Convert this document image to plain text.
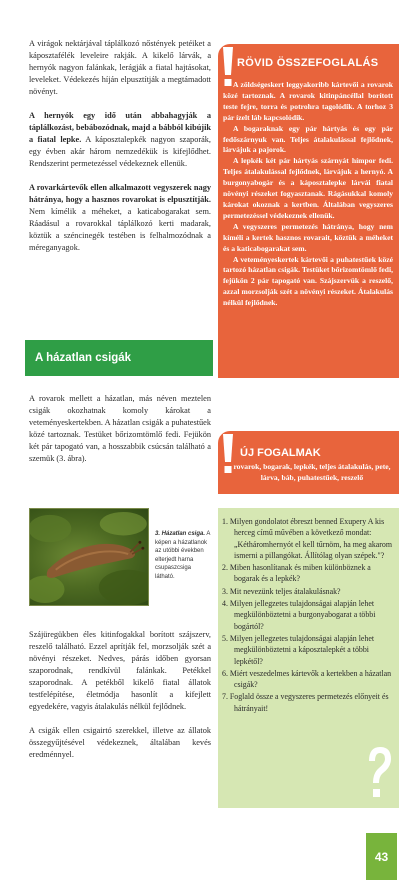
A virágok nektárjával táplálkozó nőstények petéiket a káposztafélék leveleire rakják. A kikelő lárvák, a hernyók nagyon falánkak, lerágják a fiatal hajtásokat, leveleket. Védekezés híján elpusztítják a megtámadott növényt.

A hernyók egy idő után abbahagyják a táplálkozást, bebábozódnak, majd a bábból kibújik a fiatal lepke. A káposztalepkék nagyon szaporák, egy évben akár három nemzedékük is kifejlődhet. Rendszerint permetezéssel védekeznek ellenük.

A rovarkártevők ellen alkalmazott vegyszerek nagy hátránya, hogy a hasznos rovarokat is elpusztítják. Nem kímélik a méheket, a katicabogarakat sem. Ráadásul a rovarokkal táplálkozó kerti madarak, köztük a széncinegék testében is felhalmozódnak a méreganyagok.

A házatlan csigák
A rovarok mellett a házatlan, más néven meztelen csigák okozhatnak komoly károkat a veteményeskertekben. A házatlan csigák a puhatestűek közé tartoznak. Testüket bőrizomtömlő fedi. Fejükön két pár tapogató van, a hosszabbik csúcsán található a szemük (3. ábra).
3. Házatlan csiga. A képen a házatlanok az utóbbi években elterjedt harna csupaszcsiga látható.

Szájüregükben éles kitinfogakkal borított szájszerv, reszelő található. Ezzel aprítják fel, morzsolják szét a növényi részeket. Nedves, párás időben gyorsan szaporodnak, rendkívül falánkak. Petékkel szaporodnak. A petékből kikelő fiatal állatok testfelépítése, életmódja hasonlít a kifejlett egyedekére, vagyis átalakulás nélkül fejlődnek.

A csigák ellen csigairtó szerekkel, illetve az állatok összegyűjtésével védekeznek, általában kevés eredménnyel.

RÖVID ÖSSZEFOGLALÁS

A zöldségeskert leggyakoribb kártevői a rovarok közé tartoznak. A rovarok kitinpáncéllal borított teste fejre, torra és potrohra tagolódik. A torhoz 3 pár ízelt láb kapcsolódik.

A bogaraknak egy pár hártyás és egy pár fedőszárnyuk van. Teljes átalakulással fejlődnek, lárvájuk a pajorok.

A lepkék két pár hártyás szárnyát hímpor fedi. Teljes átalakulással fejlődnek, lárvájuk a hernyó. A burgonyabogár és a káposztalepke lárvái fiatal növényi részeket fogyasztanak. Rágásukkal komoly károkat okoznak a kertben. Általában vegyszeres permetezéssel védekeznek ellenük.

A vegyszeres permetezés hátránya, hogy nem kíméli a kertek hasznos rovarait, köztük a méheket és a katicabogarakat sem.

A veteményeskertek kártevői a puhatestűek közé tartozó házatlan csigák. Testüket bőrizomtömlő fedi, fejükön 2 pár tapogató van. Szájszervük a reszelő, azzal morzsolják szét a növényi részeket. Átalakulás nélkül fejlődnek.

ÚJ FOGALMAK
rovarok, bogarak, lepkék, teljes átalakulás, pete, lárva, báb, puhatestűek, reszelő
1. Milyen gondolatot ébreszt benned Exupery A kis herceg című művében a következő mondat: „Kétháromhernyót el kell tűrnöm, ha meg akarom ismerni a pillangókat. Állítólag olyan szépek."?
2. Miben hasonlítanak és miben különböznek a bogarak és a lepkék?
3. Mit nevezünk teljes átalakulásnak?
4. Milyen jellegzetes tulajdonságai alapján lehet megkülönböztetni a burgonyabogarat a többi bogártól?
5. Milyen jellegzetes tulajdonságai alapján lehet megkülönböztetni a káposztalepkét a többi lepkétől?
6. Miért veszedelmes kártevők a kertekben a házatlan csigák?
7. Foglald össze a vegyszeres permetezés előnyeit és hátrányait!
43
